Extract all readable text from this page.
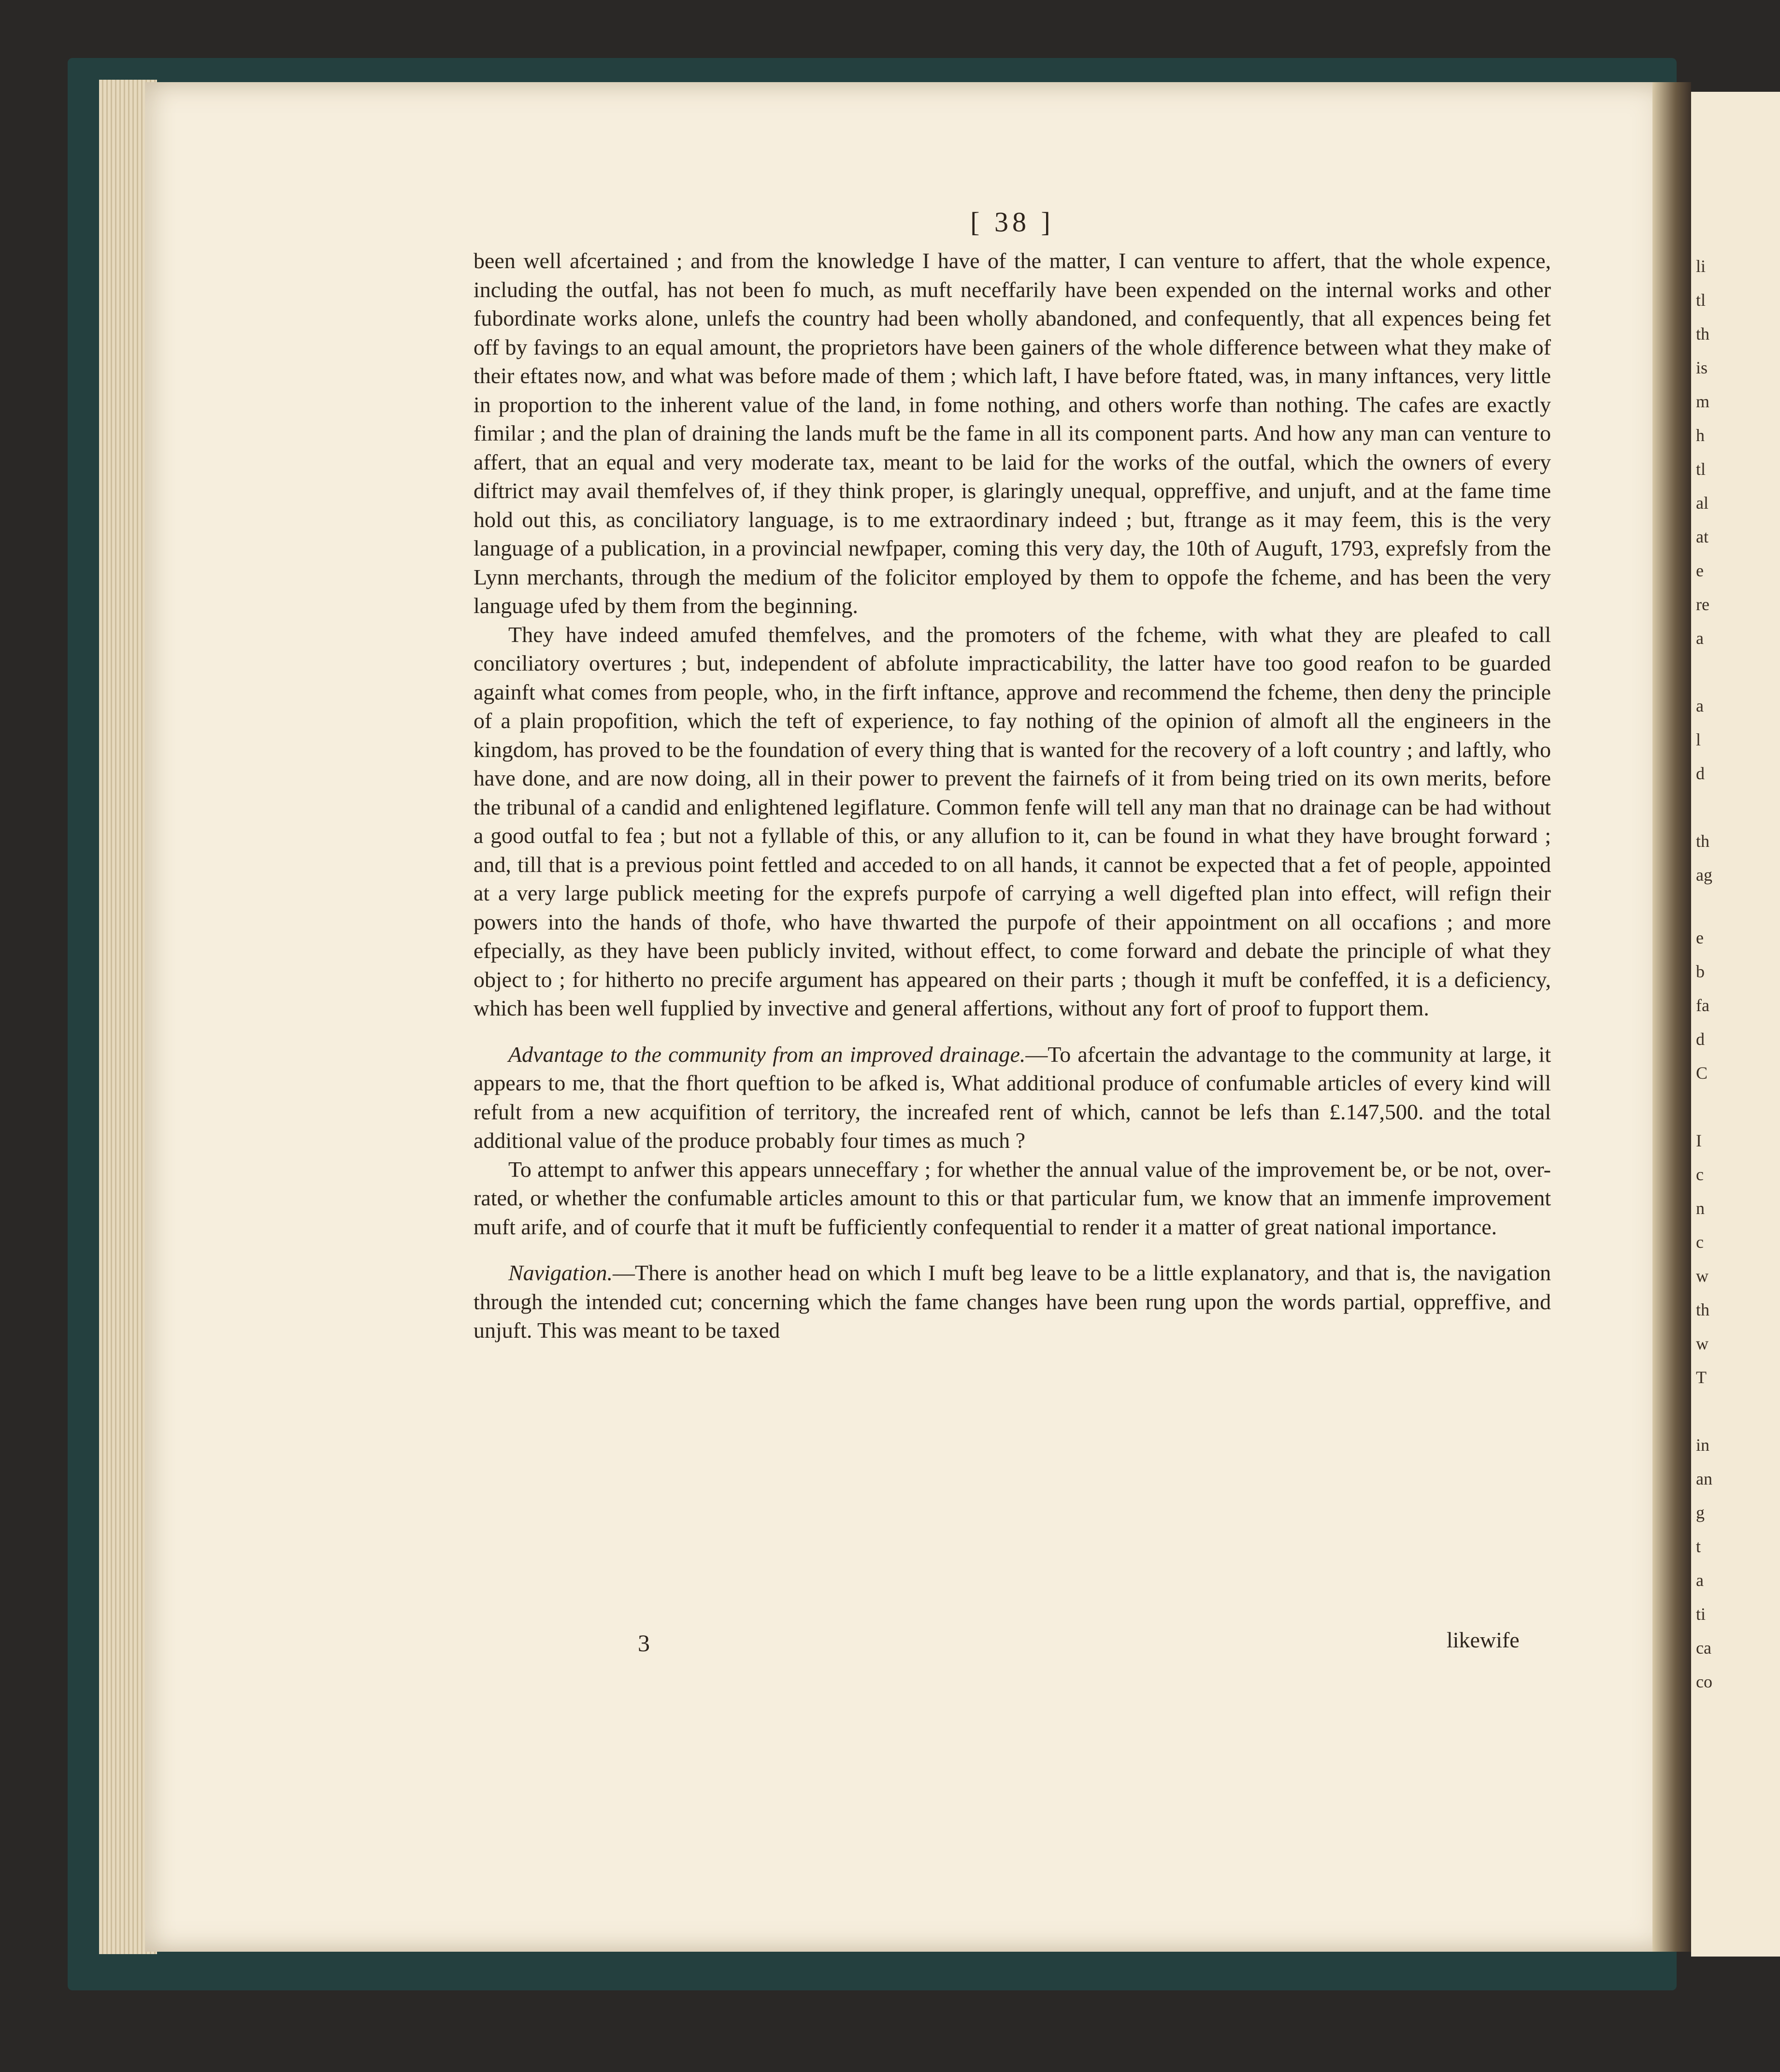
li
tl
th
is
m
h
tl
al
at
e
re
a
a
l
d
th
ag
e
b
fa
d
C
I
c
n
c
w
th
w
T
in
an
g
t
a
ti
ca
co
[ 38 ]

been well afcertained ; and from the knowledge I have of the matter, I can venture to affert, that the whole expence, including the outfal, has not been fo much, as muft neceffarily have been expended on the internal works and other fubordinate works alone, unlefs the country had been wholly abandoned, and confequently, that all expences being fet off by favings to an equal amount, the proprietors have been gainers of the whole difference between what they make of their eftates now, and what was before made of them ; which laft, I have before ftated, was, in many inftances, very little in proportion to the inherent value of the land, in fome nothing, and others worfe than nothing. The cafes are exactly fimilar ; and the plan of draining the lands muft be the fame in all its component parts. And how any man can venture to affert, that an equal and very moderate tax, meant to be laid for the works of the outfal, which the owners of every diftrict may avail themfelves of, if they think proper, is glaringly unequal, oppreffive, and unjuft, and at the fame time hold out this, as conciliatory language, is to me extraordinary indeed ; but, ftrange as it may feem, this is the very language of a publication, in a provincial newfpaper, coming this very day, the 10th of Auguft, 1793, exprefsly from the Lynn merchants, through the medium of the folicitor employed by them to oppofe the fcheme, and has been the very language ufed by them from the beginning.

They have indeed amufed themfelves, and the promoters of the fcheme, with what they are pleafed to call conciliatory overtures ; but, independent of abfolute impracticability, the latter have too good reafon to be guarded againft what comes from people, who, in the firft inftance, approve and recommend the fcheme, then deny the principle of a plain propofition, which the teft of experience, to fay nothing of the opinion of almoft all the engineers in the kingdom, has proved to be the foundation of every thing that is wanted for the recovery of a loft country ; and laftly, who have done, and are now doing, all in their power to prevent the fairnefs of it from being tried on its own merits, before the tribunal of a candid and enlightened legiflature. Common fenfe will tell any man that no drainage can be had without a good outfal to fea ; but not a fyllable of this, or any allufion to it, can be found in what they have brought forward ; and, till that is a previous point fettled and acceded to on all hands, it cannot be expected that a fet of people, appointed at a very large publick meeting for the exprefs purpofe of carrying a well digefted plan into effect, will refign their powers into the hands of thofe, who have thwarted the purpofe of their appointment on all occafions ; and more efpecially, as they have been publicly invited, without effect, to come forward and debate the principle of what they object to ; for hitherto no precife argument has appeared on their parts ; though it muft be confeffed, it is a deficiency, which has been well fupplied by invective and general affertions, without any fort of proof to fupport them.

Advantage to the community from an improved drainage.—To afcertain the advantage to the community at large, it appears to me, that the fhort queftion to be afked is, What additional produce of confumable articles of every kind will refult from a new acquifition of territory, the increafed rent of which, cannot be lefs than £.147,500. and the total additional value of the produce probably four times as much ?

To attempt to anfwer this appears unneceffary ; for whether the annual value of the improvement be, or be not, over-rated, or whether the confumable articles amount to this or that particular fum, we know that an immenfe improvement muft arife, and of courfe that it muft be fufficiently confequential to render it a matter of great national importance.

Navigation.—There is another head on which I muft beg leave to be a little explanatory, and that is, the navigation through the intended cut; concerning which the fame changes have been rung upon the words partial, oppreffive, and unjuft. This was meant to be taxed

3	likewife
